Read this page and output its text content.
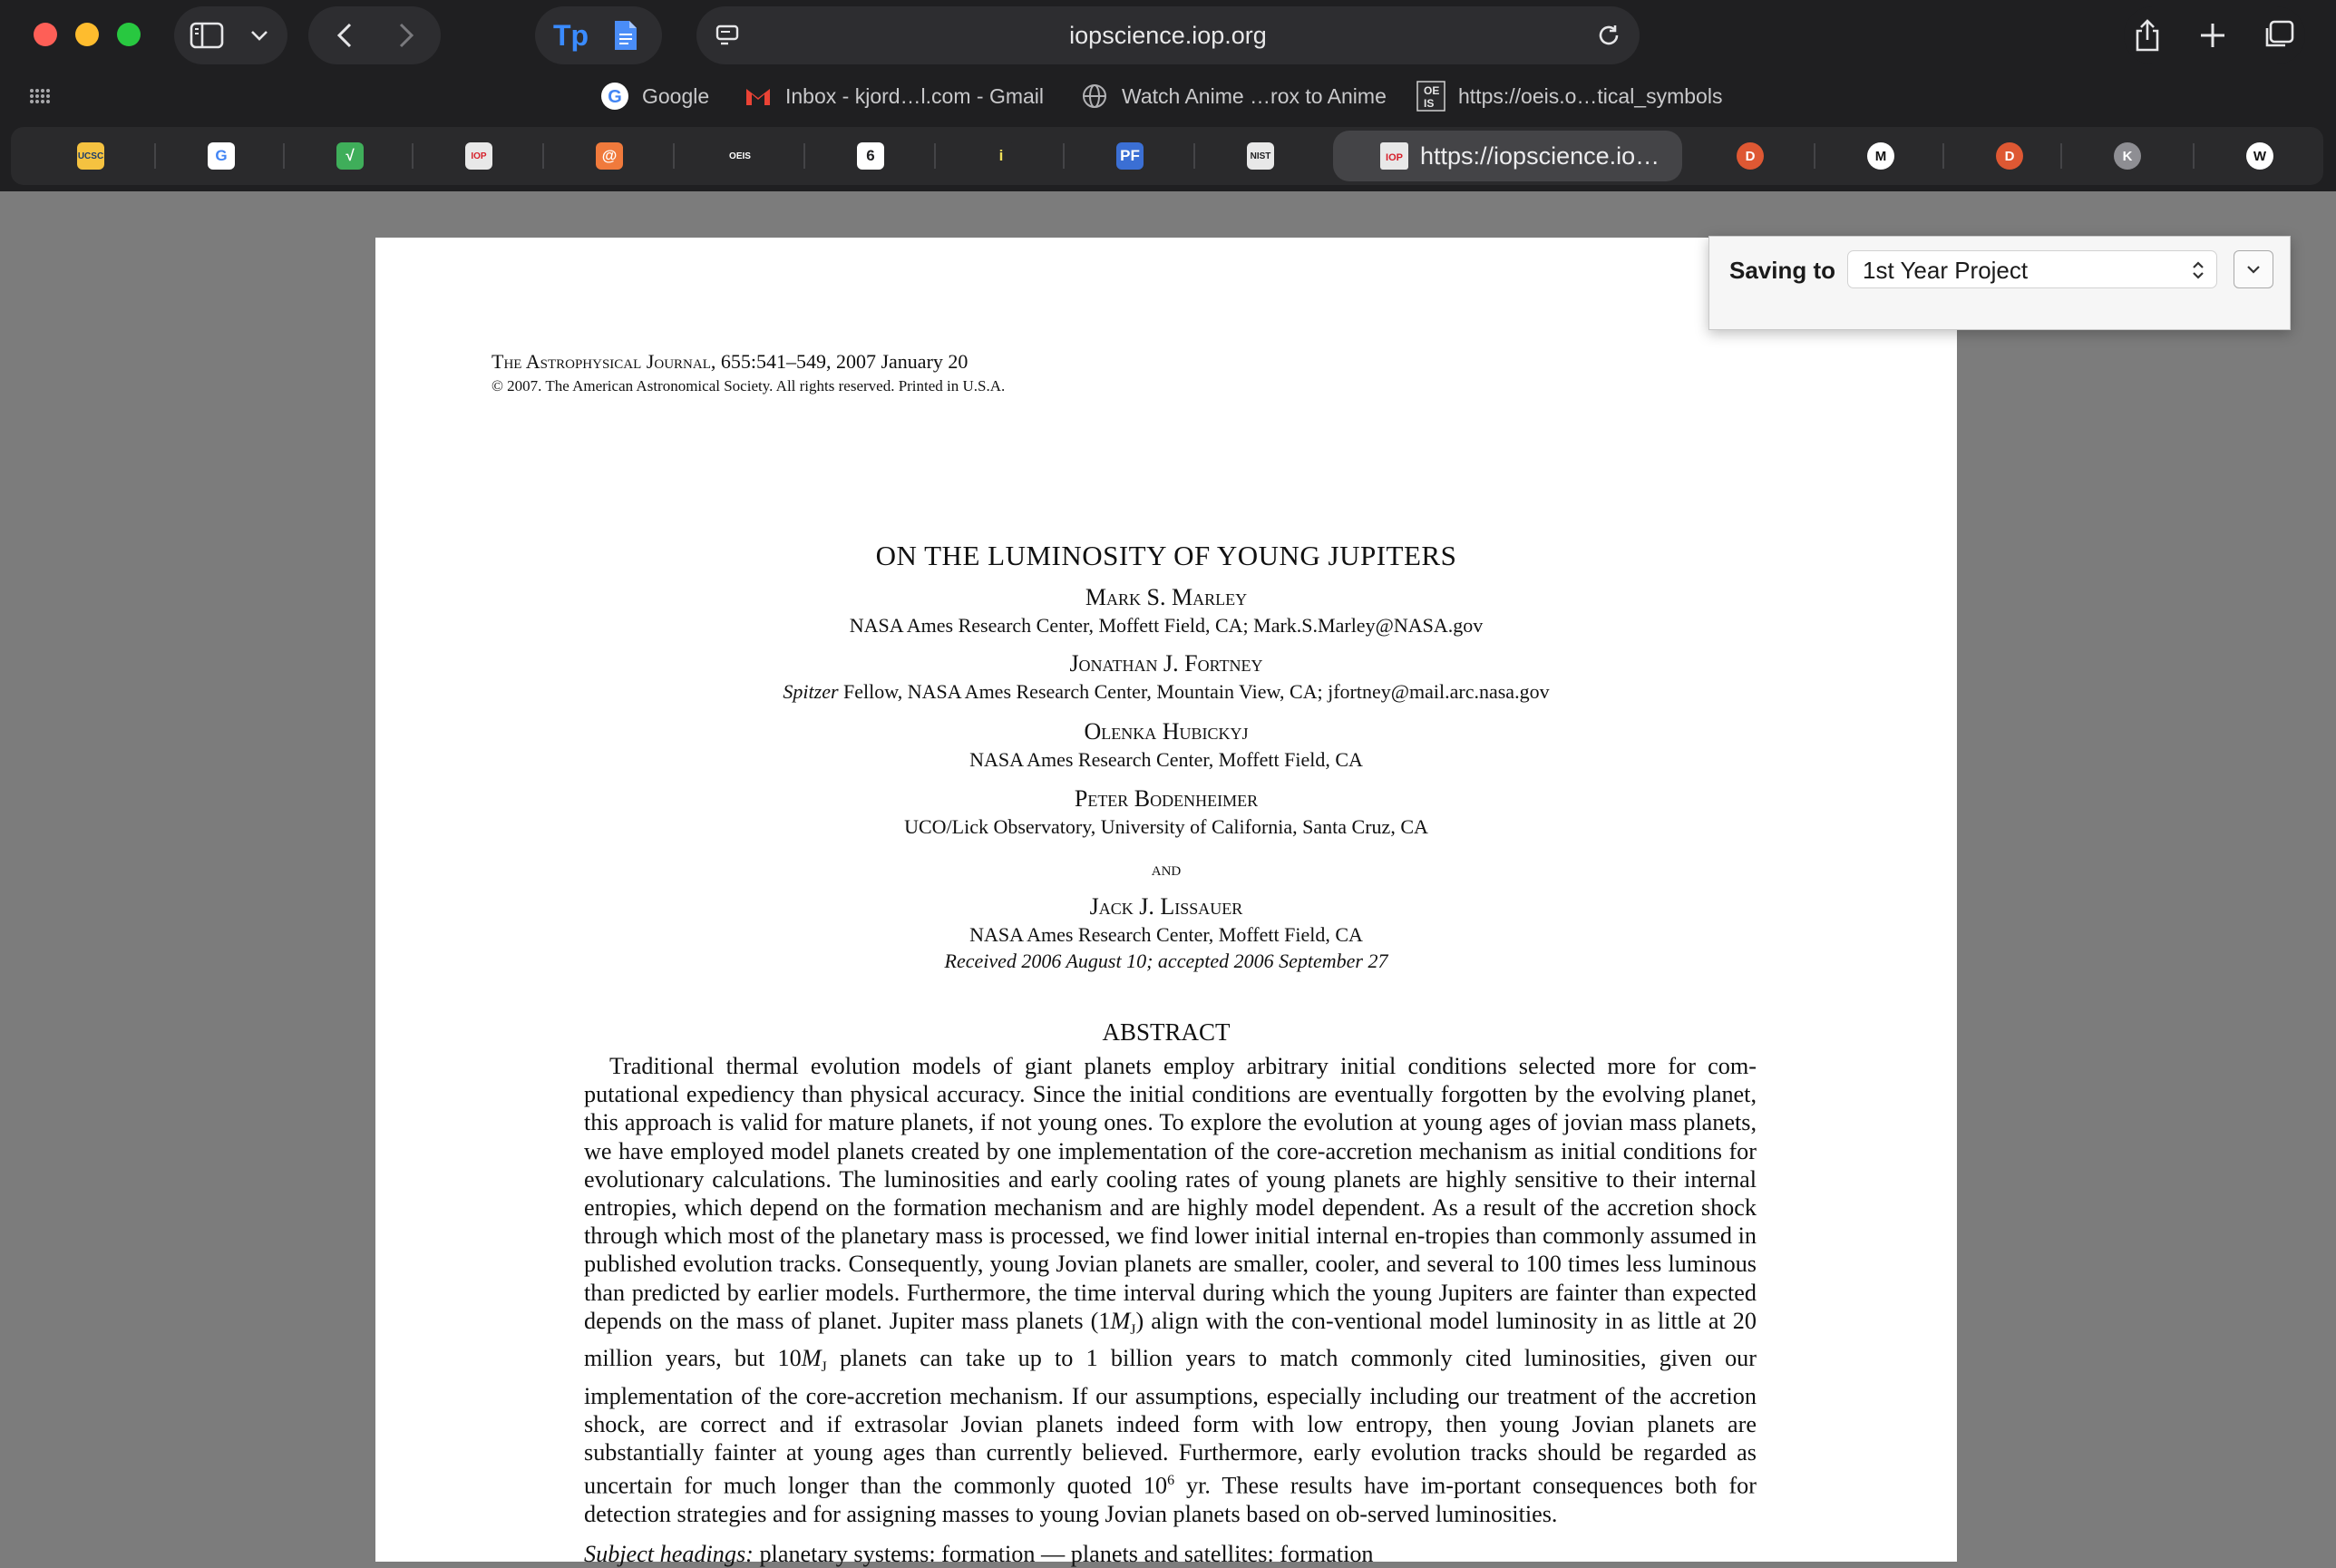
Tp	iopscience.iop.org
G Google	Inbox - kjord…l.com - Gmail	Watch Anime …rox to Anime	OE
IS https://oeis.o…tical_symbols
IOP https://iopscience.io…
UCSC	G	√	IOP	@	OEIS	6	i	PF	NIST	D	M	D	K	W
The Astrophysical Journal, 655:541–549, 2007 January 20
© 2007. The American Astronomical Society. All rights reserved. Printed in U.S.A.
ON THE LUMINOSITY OF YOUNG JUPITERS
Mark S. Marley
NASA Ames Research Center, Moffett Field, CA; Mark.S.Marley@NASA.gov
Jonathan J. Fortney
Spitzer Fellow, NASA Ames Research Center, Mountain View, CA; jfortney@mail.arc.nasa.gov
Olenka Hubickyj
NASA Ames Research Center, Moffett Field, CA
Peter Bodenheimer
UCO/Lick Observatory, University of California, Santa Cruz, CA
and
Jack J. Lissauer
NASA Ames Research Center, Moffett Field, CA
Received 2006 August 10; accepted 2006 September 27
ABSTRACT
Traditional thermal evolution models of giant planets employ arbitrary initial conditions selected more for com-putational expediency than physical accuracy. Since the initial conditions are eventually forgotten by the evolving planet, this approach is valid for mature planets, if not young ones. To explore the evolution at young ages of jovian mass planets, we have employed model planets created by one implementation of the core-accretion mechanism as initial conditions for evolutionary calculations. The luminosities and early cooling rates of young planets are highly sensitive to their internal entropies, which depend on the formation mechanism and are highly model dependent. As a result of the accretion shock through which most of the planetary mass is processed, we find lower initial internal en-tropies than commonly assumed in published evolution tracks. Consequently, young Jovian planets are smaller, cooler, and several to 100 times less luminous than predicted by earlier models. Furthermore, the time interval during which the young Jupiters are fainter than expected depends on the mass of planet. Jupiter mass planets $(1M_J)$ align with the con-ventional model luminosity in as little at 20 million years, but $10M_J$ planets can take up to 1 billion years to match commonly cited luminosities, given our implementation of the core-accretion mechanism. If our assumptions, especially including our treatment of the accretion shock, are correct and if extrasolar Jovian planets indeed form with low entropy, then young Jovian planets are substantially fainter at young ages than currently believed. Furthermore, early evolution tracks should be regarded as uncertain for much longer than the commonly quoted $10^6$ yr. These results have im-portant consequences both for detection strategies and for assigning masses to young Jovian planets based on ob-served luminosities.
Subject headings: planetary systems: formation — planets and satellites: formation
Saving to 1st Year Project
